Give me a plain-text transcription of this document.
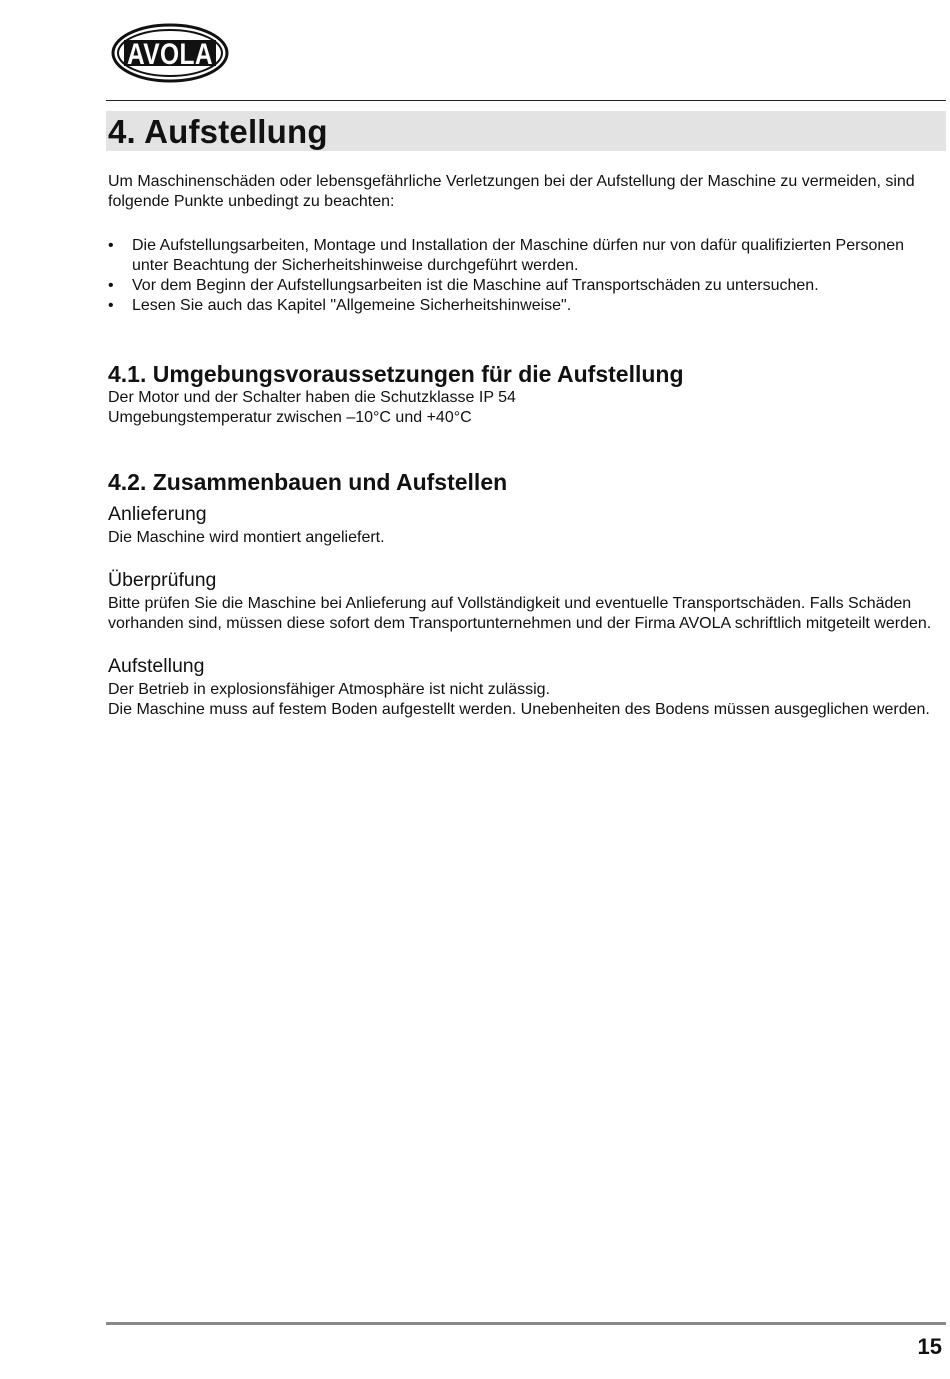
AVOLA
4. Aufstellung

Um Maschinenschäden oder lebensgefährliche Verletzungen bei der Aufstellung der Maschine zu vermeiden, sind folgende Punkte unbedingt zu beachten:

•	Die Aufstellungsarbeiten, Montage und Installation der Maschine dürfen nur von dafür qualifizierten Personen unter Beachtung der Sicherheitshinweise durchgeführt werden.
•	Vor dem Beginn der Aufstellungsarbeiten ist die Maschine auf Transportschäden zu untersuchen.
•	Lesen Sie auch das Kapitel "Allgemeine Sicherheitshinweise".
4.1. Umgebungsvoraussetzungen für die Aufstellung

Der Motor und der Schalter haben die Schutzklasse IP 54

Umgebungstemperatur zwischen –10°C und +40°C

4.2. Zusammenbauen und Aufstellen
Anlieferung

Die Maschine wird montiert angeliefert.

Überprüfung

Bitte prüfen Sie die Maschine bei Anlieferung auf Vollständigkeit und eventuelle Transportschäden. Falls Schäden vorhanden sind, müssen diese sofort dem Transportunternehmen und der Firma AVOLA schriftlich mitgeteilt werden.

Aufstellung

Der Betrieb in explosionsfähiger Atmosphäre ist nicht zulässig.

Die Maschine muss auf festem Boden aufgestellt werden. Unebenheiten des Bodens müssen ausgeglichen werden.

15
